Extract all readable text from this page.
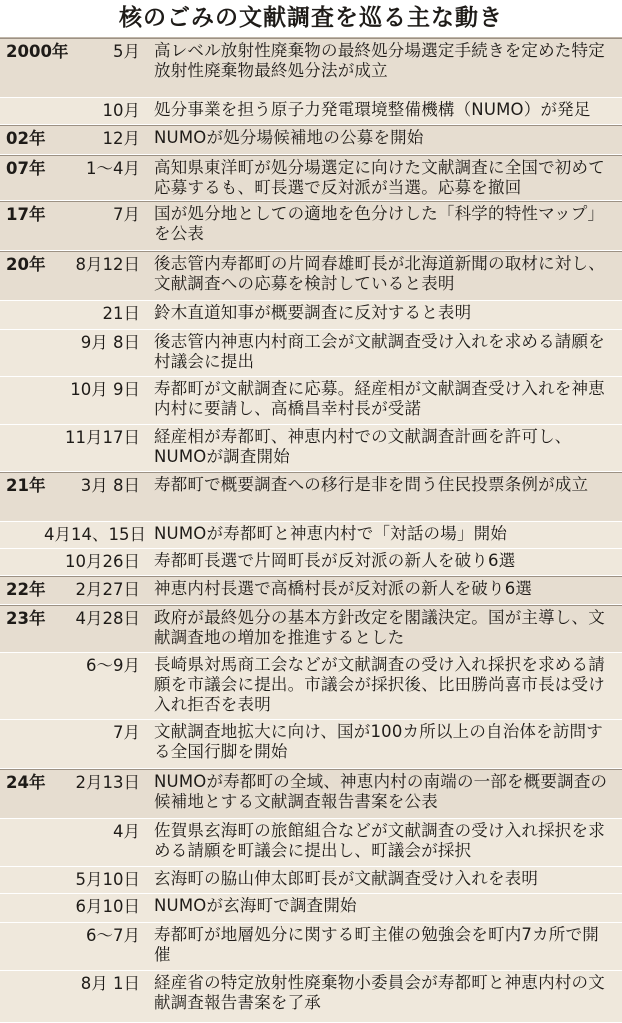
核のごみの文献調査を巡る主な動き
2000年	5月 高レベル放射性廃棄物の最終処分場選定手続きを定めた特定放射性廃棄物最終処分法が成立
10月 処分事業を担う原子力発電環境整備機構（NUMO）が発足
02年	12月 NUMOが処分場候補地の公募を開始
07年	1〜4月 高知県東洋町が処分場選定に向けた文献調査に全国で初めて応募するも、町長選で反対派が当選。応募を撤回
17年	7月 国が処分地としての適地を色分けした「科学的特性マップ」を公表
20年	8月12日 後志管内寿都町の片岡春雄町長が北海道新聞の取材に対し、文献調査への応募を検討していると表明
21日 鈴木直道知事が概要調査に反対すると表明
9月 8日 後志管内神恵内村商工会が文献調査受け入れを求める請願を村議会に提出
10月 9日 寿都町が文献調査に応募。経産相が文献調査受け入れを神恵内村に要請し、高橋昌幸村長が受諾
11月17日 経産相が寿都町、神恵内村での文献調査計画を許可し、NUMOが調査開始
21年	3月 8日 寿都町で概要調査への移行是非を問う住民投票条例が成立
4月14、15日 NUMOが寿都町と神恵内村で「対話の場」開始
10月26日 寿都町長選で片岡町長が反対派の新人を破り6選
22年	2月27日 神恵内村長選で高橋村長が反対派の新人を破り6選
23年	4月28日 政府が最終処分の基本方針改定を閣議決定。国が主導し、文献調査地の増加を推進するとした
6〜9月 長崎県対馬商工会などが文献調査の受け入れ採択を求める請願を市議会に提出。市議会が採択後、比田勝尚喜市長は受け入れ拒否を表明
7月 文献調査地拡大に向け、国が100カ所以上の自治体を訪問する全国行脚を開始
24年	2月13日 NUMOが寿都町の全域、神恵内村の南端の一部を概要調査の候補地とする文献調査報告書案を公表
4月 佐賀県玄海町の旅館組合などが文献調査の受け入れ採択を求める請願を町議会に提出し、町議会が採択
5月10日 玄海町の脇山伸太郎町長が文献調査受け入れを表明
6月10日 NUMOが玄海町で調査開始
6〜7月 寿都町が地層処分に関する町主催の勉強会を町内7カ所で開催
8月 1日 経産省の特定放射性廃棄物小委員会が寿都町と神恵内村の文献調査報告書案を了承
